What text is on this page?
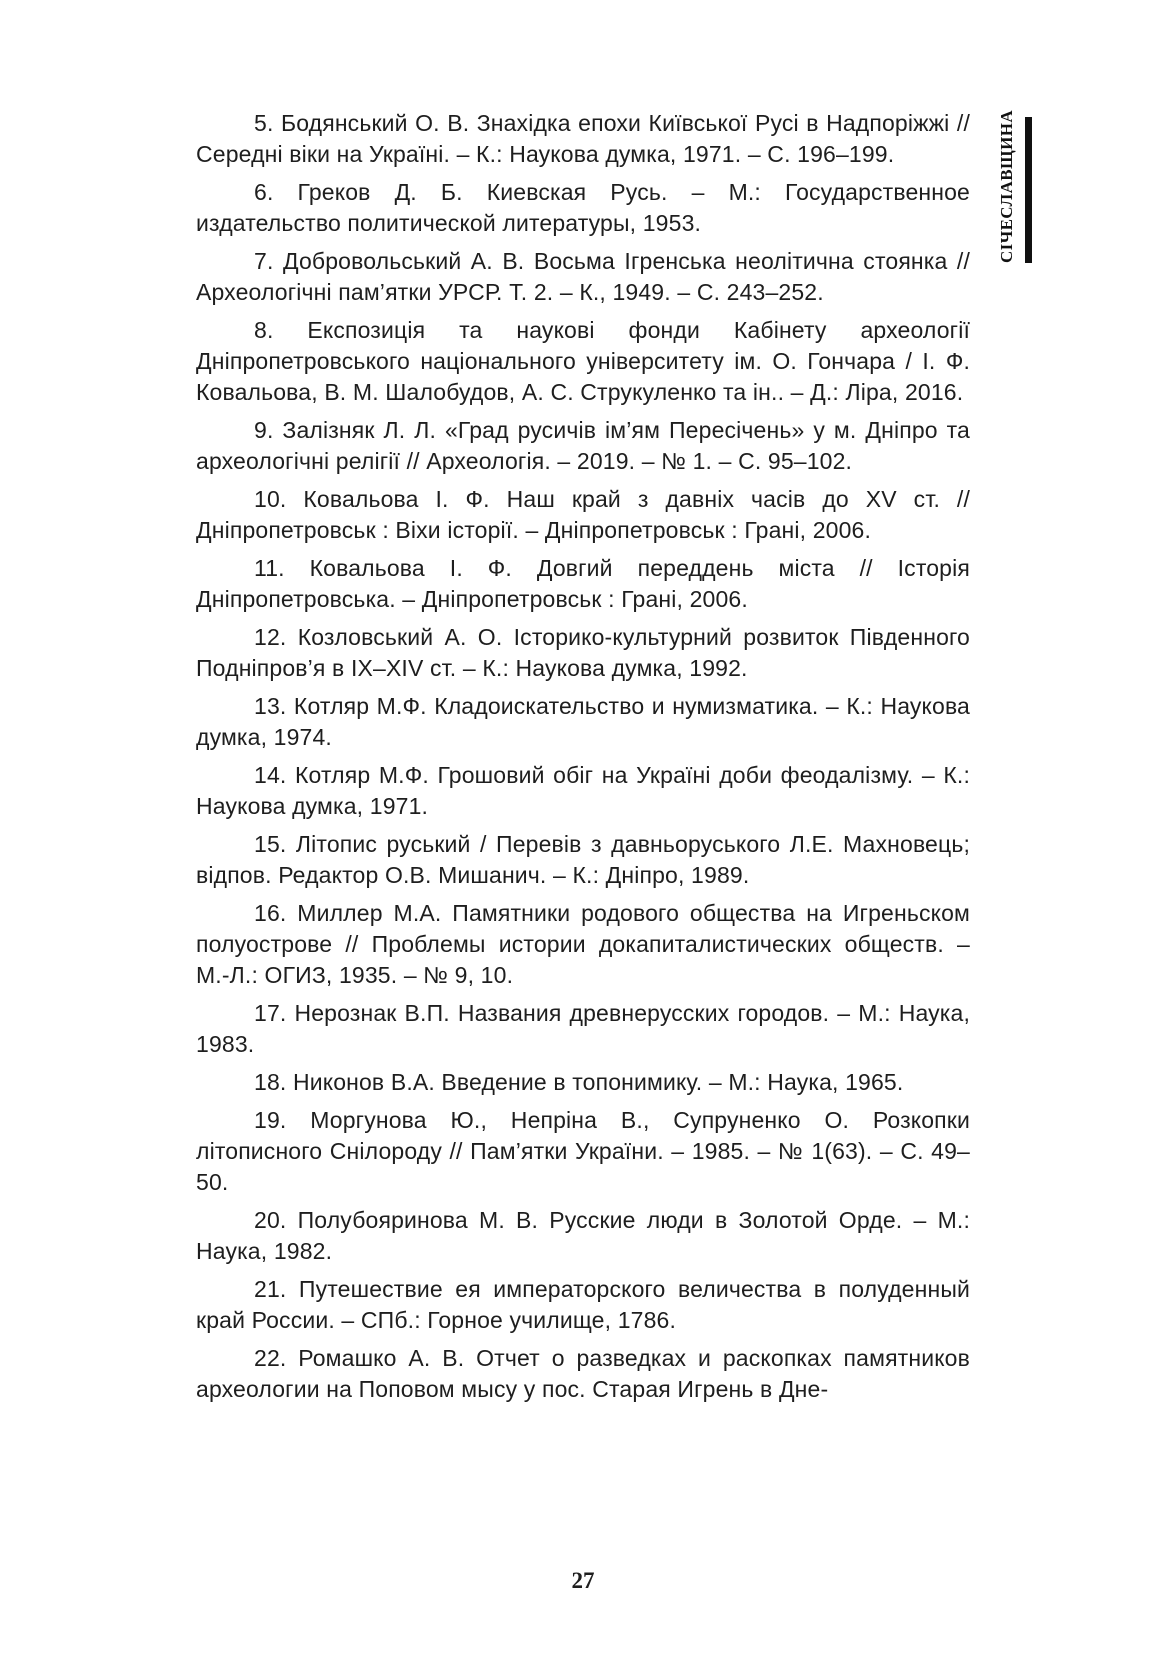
СІЧЕСЛАВЩИНА

5. Бодянський О. В. Знахідка епохи Київської Русі в Надпоріжжі // Середні віки на Україні. – К.: Наукова думка, 1971. – С. 196–199.

6. Греков Д. Б. Киевская Русь. – М.: Государственное издательство политической литературы, 1953.

7. Добровольський А. В. Восьма Ігренська неолітична стоянка // Археологічні пам’ятки УРСР. Т. 2. – К., 1949. – С. 243–252.

8. Експозиція та наукові фонди Кабінету археології Дніпропетровського національного університету ім. О. Гончара / І. Ф. Ковальова, В. М. Шалобудов, А. С. Струкуленко та ін.. – Д.: Ліра, 2016.

9. Залізняк Л. Л. «Град русичів ім’ям Пересічень» у м. Дніпро та археологічні релігії // Археологія. – 2019. – № 1. – С. 95–102.

10. Ковальова І. Ф. Наш край з давніх часів до XV ст. // Дніпропетровськ : Віхи історії. – Дніпропетровськ : Грані, 2006.

11. Ковальова І. Ф. Довгий переддень міста // Історія Дніпропетровська. – Дніпропетровськ : Грані, 2006.

12. Козловський А. О. Історико-культурний розвиток Південного Подніпров’я в IX–XIV ст. – К.: Наукова думка, 1992.

13. Котляр М.Ф. Кладоискательство и нумизматика. – К.: Наукова думка, 1974.

14. Котляр М.Ф. Грошовий обіг на Україні доби феодалізму. – К.: Наукова думка, 1971.

15. Літопис руський / Перевів з давньоруського Л.Е. Махновець; відпов. Редактор О.В. Мишанич. – К.: Дніпро, 1989.

16. Миллер М.А. Памятники родового общества на Игреньском полуострове // Проблемы истории докапиталистических обществ. – М.-Л.: ОГИЗ, 1935. – № 9, 10.

17. Нерознак В.П. Названия древнерусских городов. – М.: Наука, 1983.

18. Никонов В.А. Введение в топонимику. – М.: Наука, 1965.

19. Моргунова Ю., Непріна В., Супруненко О. Розкопки літописного Снілороду // Пам’ятки України. – 1985. – № 1(63). – С. 49–50.

20. Полубояринова М. В. Русские люди в Золотой Орде. – М.: Наука, 1982.

21. Путешествие ея императорского величества в полуденный край России. – СПб.: Горное училище, 1786.

22. Ромашко А. В. Отчет о разведках и раскопках памятников археологии на Поповом мысу у пос. Старая Игрень в Дне-

27
